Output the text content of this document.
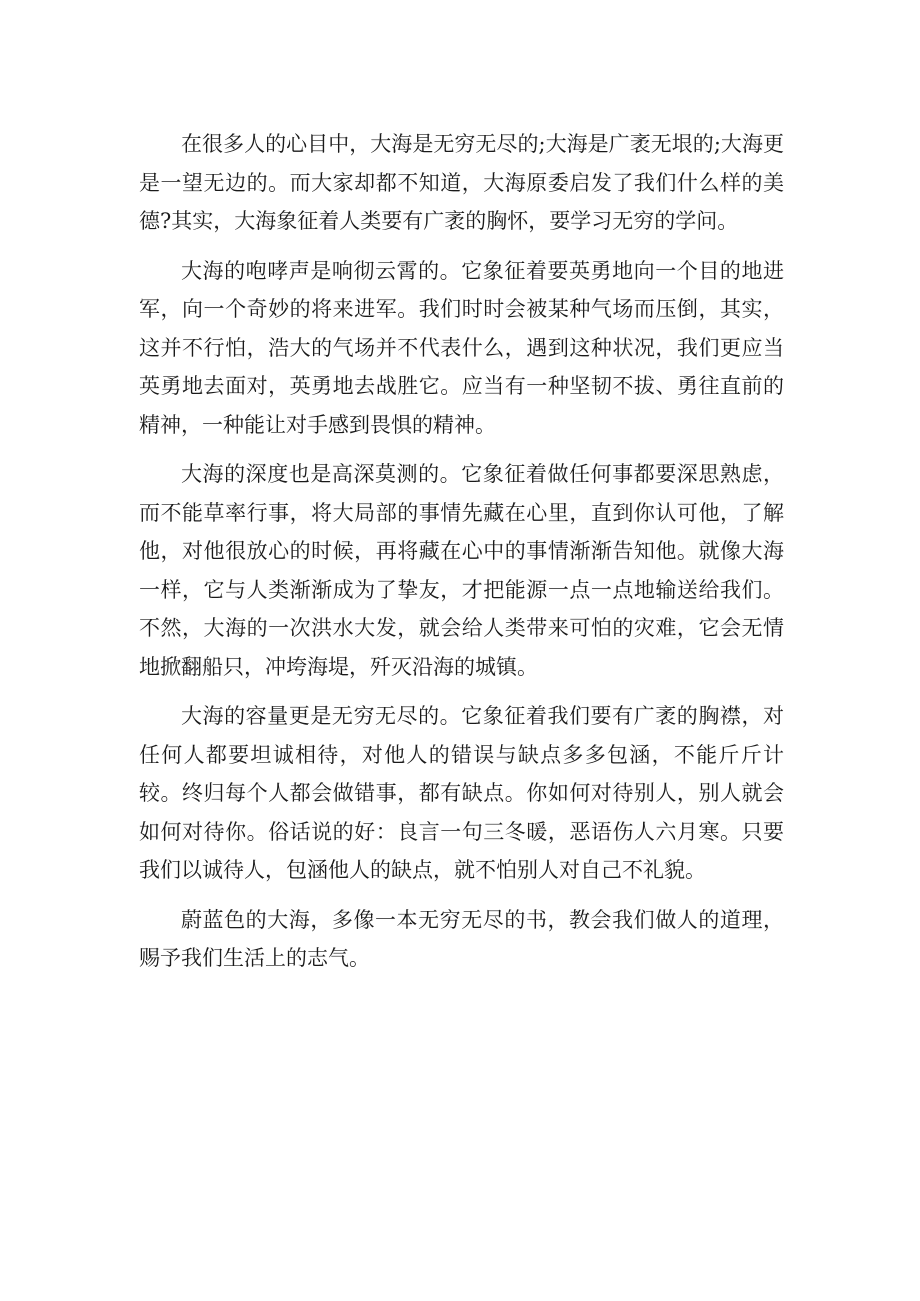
在很多人的心目中，大海是无穷无尽的;大海是广袤无垠的;大海更是一望无边的。而大家却都不知道，大海原委启发了我们什么样的美德?其实，大海象征着人类要有广袤的胸怀，要学习无穷的学问。

大海的咆哮声是响彻云霄的。它象征着要英勇地向一个目的地进军，向一个奇妙的将来进军。我们时时会被某种气场而压倒，其实，这并不行怕，浩大的气场并不代表什么，遇到这种状况，我们更应当英勇地去面对，英勇地去战胜它。应当有一种坚韧不拔、勇往直前的精神，一种能让对手感到畏惧的精神。

大海的深度也是高深莫测的。它象征着做任何事都要深思熟虑，而不能草率行事，将大局部的事情先藏在心里，直到你认可他，了解他，对他很放心的时候，再将藏在心中的事情渐渐告知他。就像大海一样，它与人类渐渐成为了挚友，才把能源一点一点地输送给我们。不然，大海的一次洪水大发，就会给人类带来可怕的灾难，它会无情地掀翻船只，冲垮海堤，歼灭沿海的城镇。

大海的容量更是无穷无尽的。它象征着我们要有广袤的胸襟，对任何人都要坦诚相待，对他人的错误与缺点多多包涵，不能斤斤计较。终归每个人都会做错事，都有缺点。你如何对待别人，别人就会如何对待你。俗话说的好：良言一句三冬暖，恶语伤人六月寒。只要我们以诚待人，包涵他人的缺点，就不怕别人对自己不礼貌。

蔚蓝色的大海，多像一本无穷无尽的书，教会我们做人的道理，赐予我们生活上的志气。
